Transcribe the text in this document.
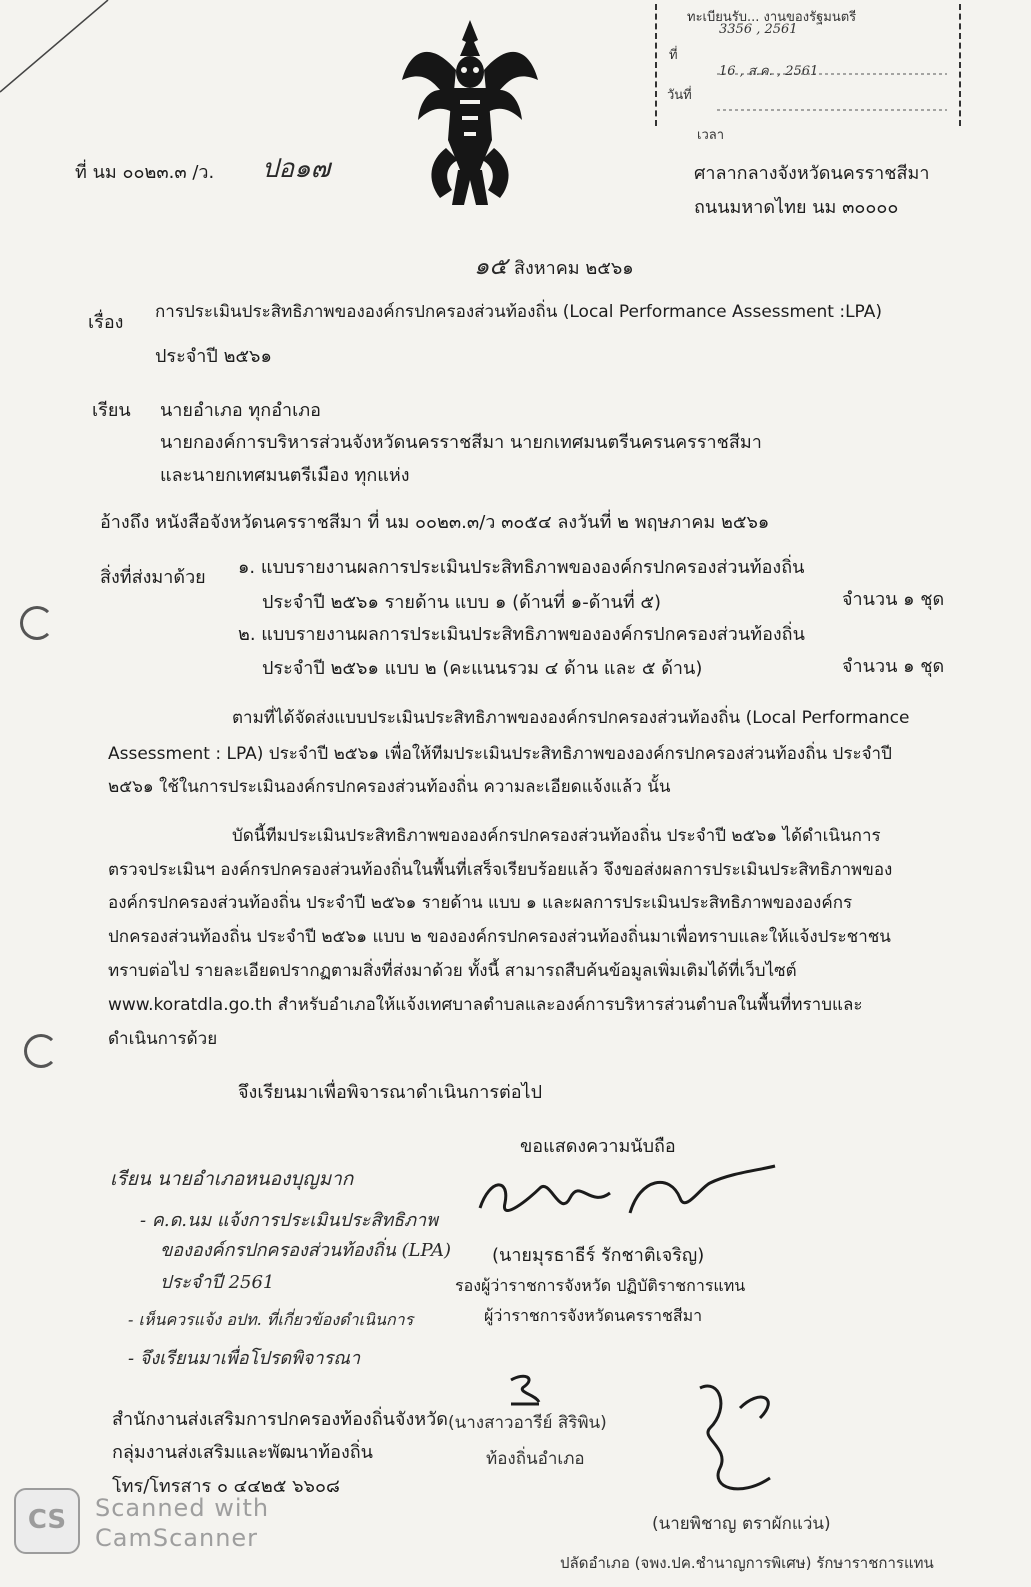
ทะเบียนรับ... งานของรัฐมนตรี
ที่
3356 , 2561
วันที่
16 , ส.ค. , 2561
เวลา
ที่ นม ๐๐๒๓.๓ /ว. ปอ๑๗	ศาลากลางจังหวัดนครราชสีมา
ถนนมหาดไทย นม ๓๐๐๐๐
๑๕ สิงหาคม ๒๕๖๑
เรื่อง การประเมินประสิทธิภาพขององค์กรปกครองส่วนท้องถิ่น (Local Performance Assessment :LPA)
ประจำปี ๒๕๖๑
เรียน นายอำเภอ ทุกอำเภอ
นายกองค์การบริหารส่วนจังหวัดนครราชสีมา นายกเทศมนตรีนครนครราชสีมา
และนายกเทศมนตรีเมือง ทุกแห่ง
อ้างถึง หนังสือจังหวัดนครราชสีมา ที่ นม ๐๐๒๓.๓/ว ๓๐๕๔ ลงวันที่ ๒ พฤษภาคม ๒๕๖๑
สิ่งที่ส่งมาด้วย ๑. แบบรายงานผลการประเมินประสิทธิภาพขององค์กรปกครองส่วนท้องถิ่น
ประจำปี ๒๕๖๑ รายด้าน แบบ ๑ (ด้านที่ ๑-ด้านที่ ๕)	จำนวน ๑ ชุด
๒. แบบรายงานผลการประเมินประสิทธิภาพขององค์กรปกครองส่วนท้องถิ่น
ประจำปี ๒๕๖๑ แบบ ๒ (คะแนนรวม ๔ ด้าน และ ๕ ด้าน)	จำนวน ๑ ชุด
ตามที่ได้จัดส่งแบบประเมินประสิทธิภาพขององค์กรปกครองส่วนท้องถิ่น (Local Performance
Assessment : LPA) ประจำปี ๒๕๖๑ เพื่อให้ทีมประเมินประสิทธิภาพขององค์กรปกครองส่วนท้องถิ่น ประจำปี
๒๕๖๑ ใช้ในการประเมินองค์กรปกครองส่วนท้องถิ่น ความละเอียดแจ้งแล้ว นั้น
บัดนี้ทีมประเมินประสิทธิภาพขององค์กรปกครองส่วนท้องถิ่น ประจำปี ๒๕๖๑ ได้ดำเนินการ
ตรวจประเมินฯ องค์กรปกครองส่วนท้องถิ่นในพื้นที่เสร็จเรียบร้อยแล้ว จึงขอส่งผลการประเมินประสิทธิภาพของ
องค์กรปกครองส่วนท้องถิ่น ประจำปี ๒๕๖๑ รายด้าน แบบ ๑ และผลการประเมินประสิทธิภาพขององค์กร
ปกครองส่วนท้องถิ่น ประจำปี ๒๕๖๑ แบบ ๒ ขององค์กรปกครองส่วนท้องถิ่นมาเพื่อทราบและให้แจ้งประชาชน
ทราบต่อไป รายละเอียดปรากฏตามสิ่งที่ส่งมาด้วย ทั้งนี้ สามารถสืบค้นข้อมูลเพิ่มเติมได้ที่เว็บไซต์
www.koratdla.go.th สำหรับอำเภอให้แจ้งเทศบาลตำบลและองค์การบริหารส่วนตำบลในพื้นที่ทราบและ
ดำเนินการด้วย
จึงเรียนมาเพื่อพิจารณาดำเนินการต่อไป
ขอแสดงความนับถือ
(นายมุรธาธีร์ รักชาติเจริญ)
รองผู้ว่าราชการจังหวัด ปฏิบัติราชการแทน
ผู้ว่าราชการจังหวัดนครราชสีมา
เรียน นายอำเภอหนองบุญมาก
- ค.ด.นม แจ้งการประเมินประสิทธิภาพ
ขององค์กรปกครองส่วนท้องถิ่น (LPA)
ประจำปี 2561
- เห็นควรแจ้ง อปท. ที่เกี่ยวข้องดำเนินการ
- จึงเรียนมาเพื่อโปรดพิจารณา
(นางสาวอารีย์ สิริพิน)
ท้องถิ่นอำเภอ
(นายพิชาญ ตราผักแว่น)
ปลัดอำเภอ (จพง.ปค.ชำนาญการพิเศษ) รักษาราชการแทน
สำนักงานส่งเสริมการปกครองท้องถิ่นจังหวัด
กลุ่มงานส่งเสริมและพัฒนาท้องถิ่น
โทร/โทรสาร ๐ ๔๔๒๕ ๖๖๐๘
CS	Scanned with
CamScanner
